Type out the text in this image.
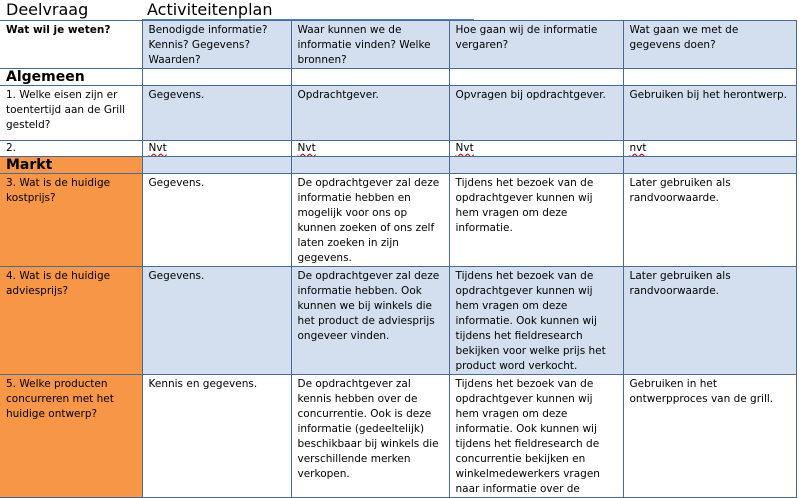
Deelvraag	Activiteitenplan
Wat wil je weten?	Benodigde informatie? Kennis? Gegevens? Waarden?	Waar kunnen we de informatie vinden? Welke bronnen?	Hoe gaan wij de informatie vergaren?	Wat gaan we met de gegevens doen?
Algemeen				
1. Welke eisen zijn er toentertijd aan de Grill gesteld?	Gegevens.	Opdrachtgever.	Opvragen bij opdrachtgever.	Gebruiken bij het herontwerp.
2.	Nvt	Nvt	Nvt	nvt
Markt				
3. Wat is de huidige kostprijs?	Gegevens.	De opdrachtgever zal deze informatie hebben en mogelijk voor ons op kunnen zoeken of ons zelf laten zoeken in zijn gegevens.	Tijdens het bezoek van de opdrachtgever kunnen wij hem vragen om deze informatie.	Later gebruiken als randvoorwaarde.
4. Wat is de huidige adviesprijs?	Gegevens.	De opdrachtgever zal deze informatie hebben. Ook kunnen we bij winkels die het product de adviesprijs ongeveer vinden.	Tijdens het bezoek van de opdrachtgever kunnen wij hem vragen om deze informatie. Ook kunnen wij tijdens het fieldresearch bekijken voor welke prijs het product word verkocht.	Later gebruiken als randvoorwaarde.
5. Welke producten concurreren met het huidige ontwerp?	Kennis en gegevens.	De opdrachtgever zal kennis hebben over de concurrentie. Ook is deze informatie (gedeeltelijk) beschikbaar bij winkels die verschillende merken verkopen.	Tijdens het bezoek van de opdrachtgever kunnen wij hem vragen om deze informatie. Ook kunnen wij tijdens het fieldresearch de concurrentie bekijken en winkelmedewerkers vragen naar informatie over de	Gebruiken in het ontwerpproces van de grill.
